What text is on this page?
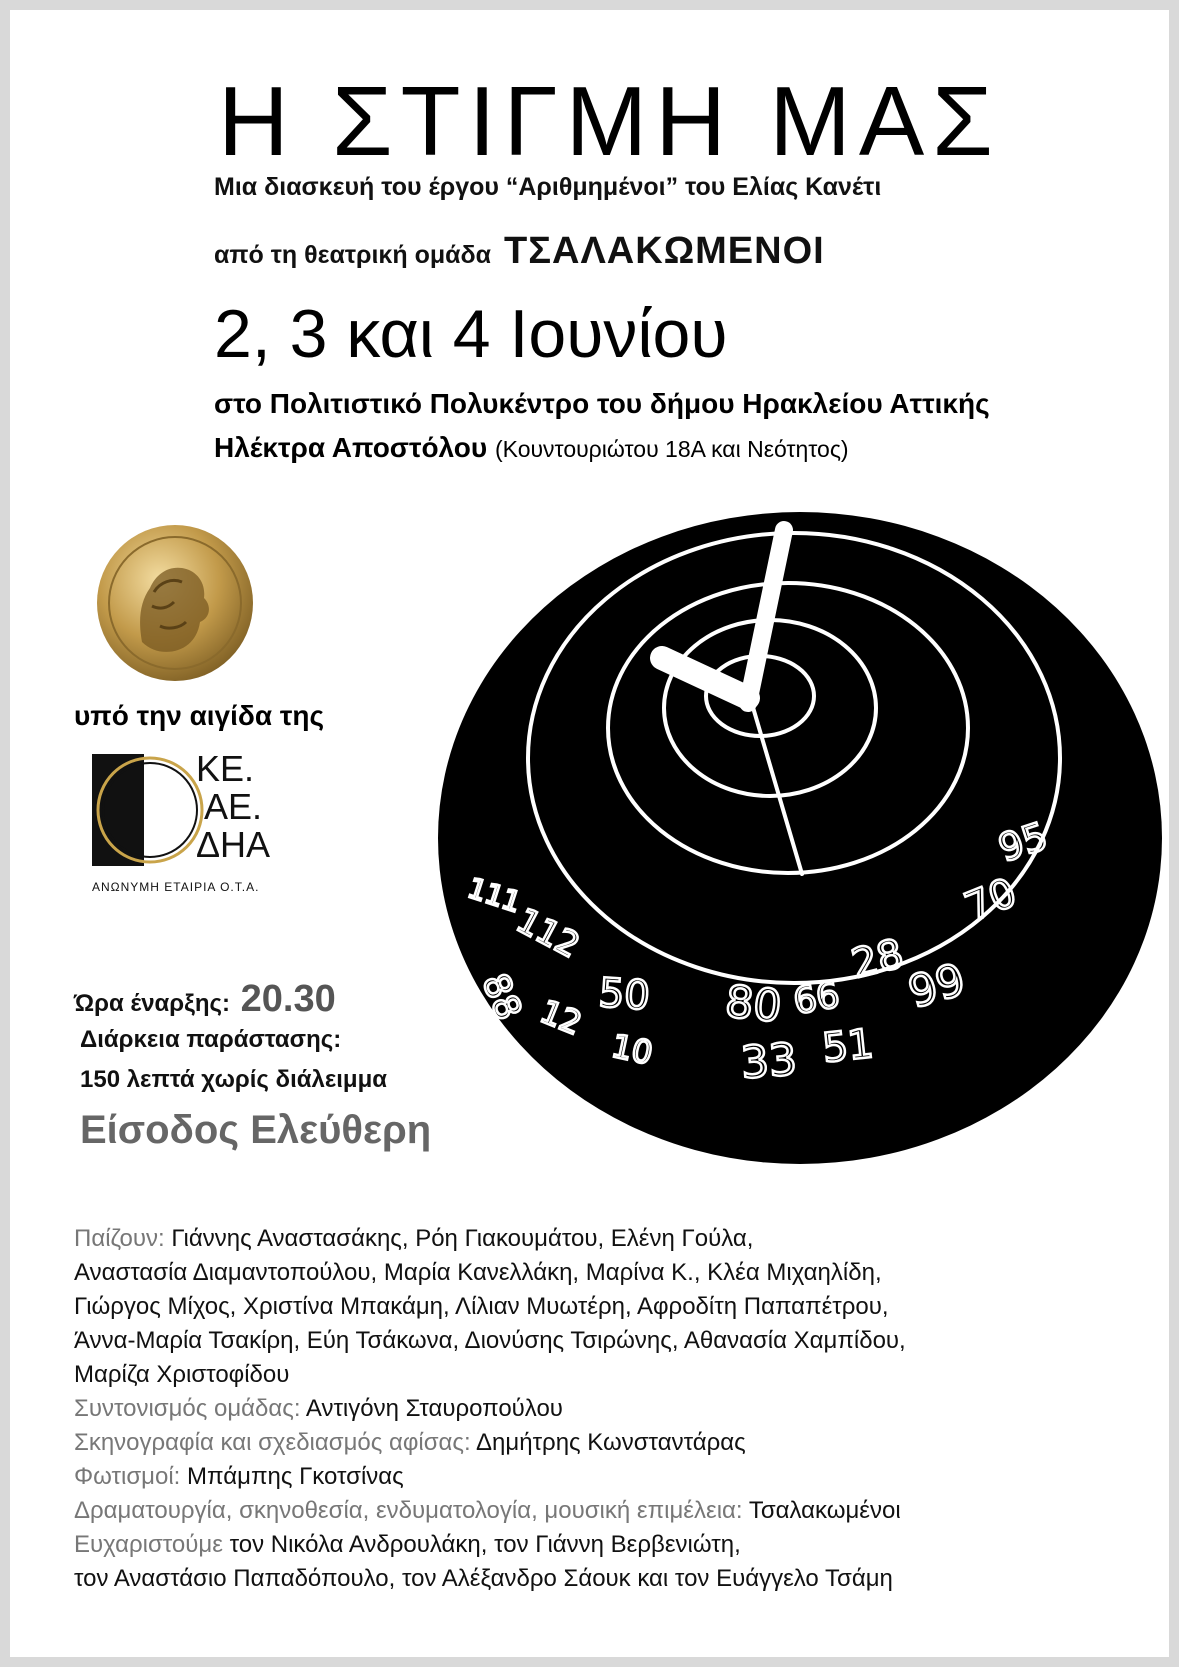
Η ΣΤΙΓΜΗ ΜΑΣ
Μια διασκευή του έργου “Αριθμημένοι” του Ελίας Κανέτι
από τη θεατρική ομάδα ΤΣΑΛΑΚΩΜΕΝΟΙ
2, 3 και 4 Ιουνίου
στο Πολιτιστικό Πολυκέντρο του δήμου Ηρακλείου Αττικής
Ηλέκτρα Αποστόλου (Κουντουριώτου 18Α και Νεότητος)
υπό την αιγίδα της
ΚΕ.
ΑΕ.
ΔΗΑ
ΑΝΩΝΥΜΗ ΕΤΑΙΡΙΑ Ο.Τ.Α.	111
112
88 12 50
10
80
33
66
51
28
99
70
95
Ώρα έναρξης: 20.30
Διάρκεια παράστασης:
150 λεπτά χωρίς διάλειμμα
Είσοδος Ελεύθερη
Παίζουν: Γιάννης Αναστασάκης, Ρόη Γιακουμάτου, Ελένη Γούλα,
Αναστασία Διαμαντοπούλου, Μαρία Κανελλάκη, Μαρίνα Κ., Κλέα Μιχαηλίδη,
Γιώργος Μίχος, Χριστίνα Μπακάμη, Λίλιαν Μυωτέρη, Αφροδίτη Παπαπέτρου,
Άννα-Μαρία Τσακίρη, Εύη Τσάκωνα, Διονύσης Τσιρώνης, Αθανασία Χαμπίδου,
Μαρίζα Χριστοφίδου
Συντονισμός ομάδας: Αντιγόνη Σταυροπούλου
Σκηνογραφία και σχεδιασμός αφίσας: Δημήτρης Κωνσταντάρας
Φωτισμοί: Μπάμπης Γκοτσίνας
Δραματουργία, σκηνοθεσία, ενδυματολογία, μουσική επιμέλεια: Τσαλακωμένοι
Ευχαριστούμε τον Νικόλα Ανδρουλάκη, τον Γιάννη Βερβενιώτη,
τον Αναστάσιο Παπαδόπουλο, τον Αλέξανδρο Σάουκ και τον Ευάγγελο Τσάμη
